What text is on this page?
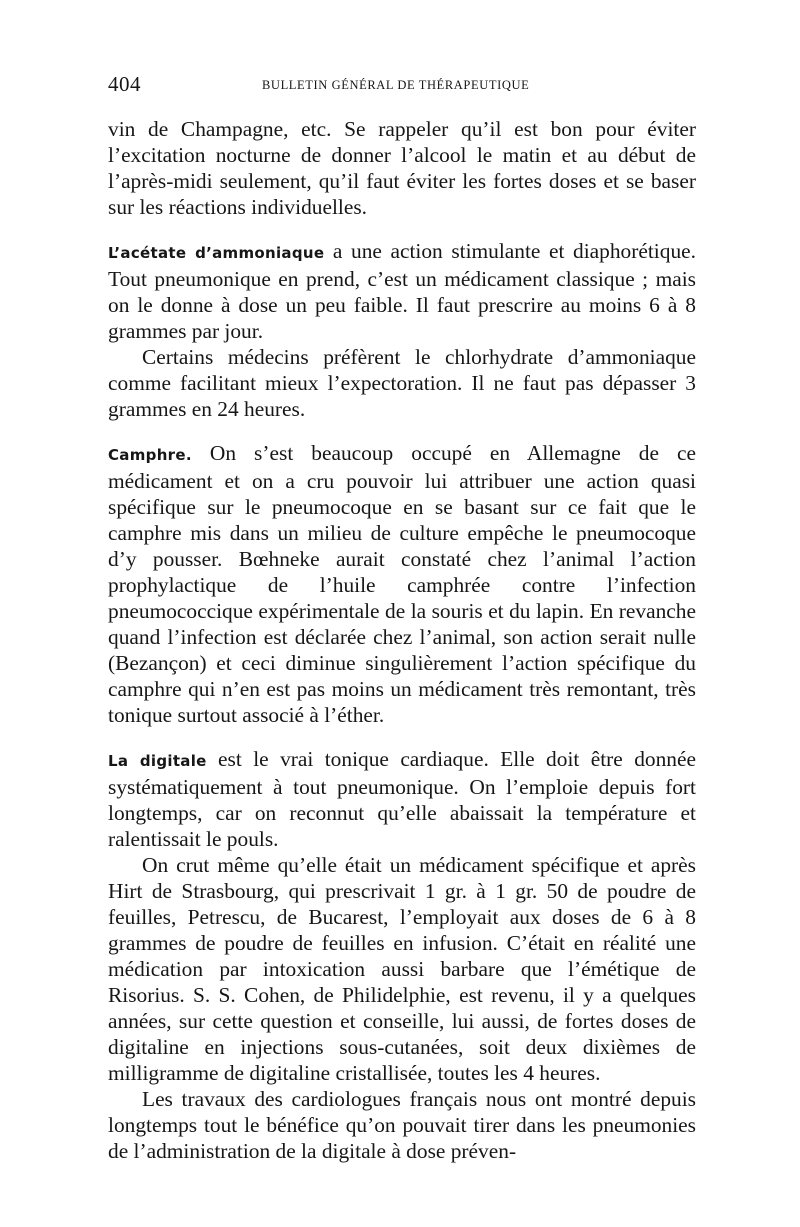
404	BULLETIN GÉNÉRAL DE THÉRAPEUTIQUE

vin de Champagne, etc. Se rappeler qu’il est bon pour éviter l’excitation nocturne de donner l’alcool le matin et au début de l’après-midi seulement, qu’il faut éviter les fortes doses et se baser sur les réactions individuelles.

L’acétate d’ammoniaque a une action stimulante et diaphorétique. Tout pneumonique en prend, c’est un médicament classique ; mais on le donne à dose un peu faible. Il faut prescrire au moins 6 à 8 grammes par jour.

Certains médecins préfèrent le chlorhydrate d’ammoniaque comme facilitant mieux l’expectoration. Il ne faut pas dépasser 3 grammes en 24 heures.

Camphre. On s’est beaucoup occupé en Allemagne de ce médicament et on a cru pouvoir lui attribuer une action quasi spécifique sur le pneumocoque en se basant sur ce fait que le camphre mis dans un milieu de culture empêche le pneumocoque d’y pousser. Bœhneke aurait constaté chez l’animal l’action prophylactique de l’huile camphrée contre l’infection pneumococcique expérimentale de la souris et du lapin. En revanche quand l’infection est déclarée chez l’animal, son action serait nulle (Bezançon) et ceci diminue singulièrement l’action spécifique du camphre qui n’en est pas moins un médicament très remontant, très tonique surtout associé à l’éther.

La digitale est le vrai tonique cardiaque. Elle doit être donnée systématiquement à tout pneumonique. On l’emploie depuis fort longtemps, car on reconnut qu’elle abaissait la température et ralentissait le pouls.

On crut même qu’elle était un médicament spécifique et après Hirt de Strasbourg, qui prescrivait 1 gr. à 1 gr. 50 de poudre de feuilles, Petrescu, de Bucarest, l’employait aux doses de 6 à 8 grammes de poudre de feuilles en infusion. C’était en réalité une médication par intoxication aussi barbare que l’émétique de Risorius. S. S. Cohen, de Philidelphie, est revenu, il y a quelques années, sur cette question et conseille, lui aussi, de fortes doses de digitaline en injections sous-cutanées, soit deux dixièmes de milligramme de digitaline cristallisée, toutes les 4 heures.

Les travaux des cardiologues français nous ont montré depuis longtemps tout le bénéfice qu’on pouvait tirer dans les pneumonies de l’administration de la digitale à dose préven-
